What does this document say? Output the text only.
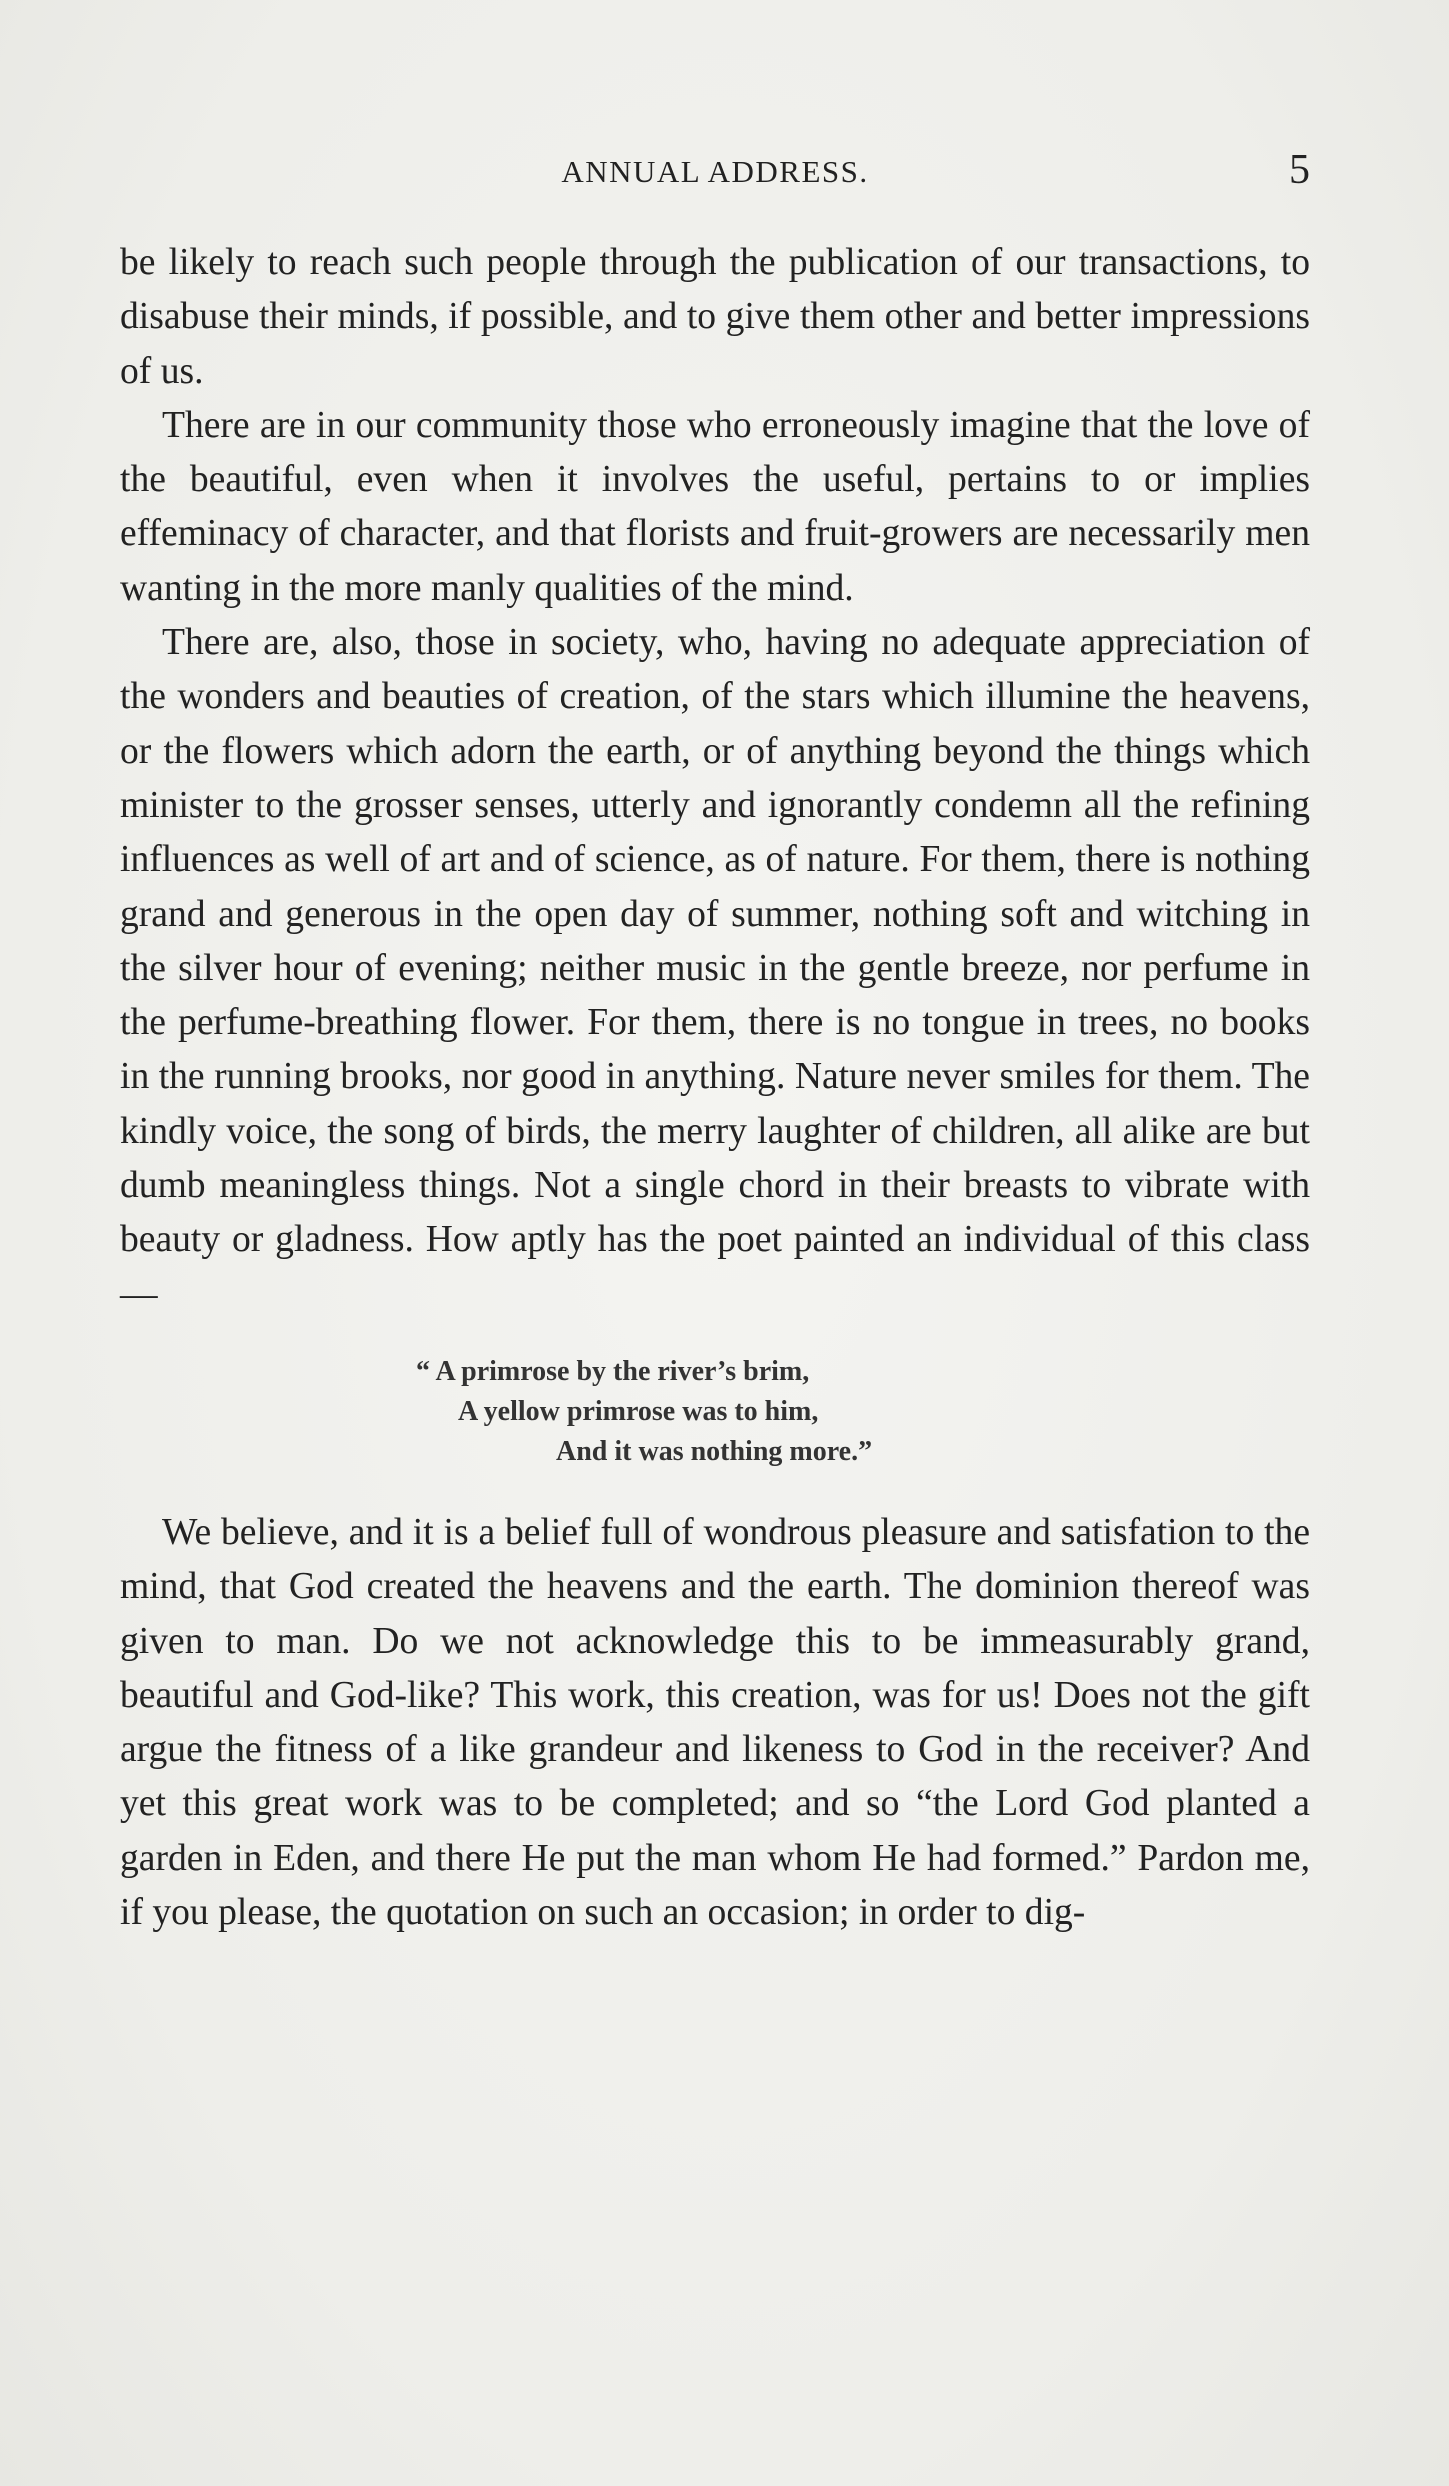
ANNUAL ADDRESS.	5

be likely to reach such people through the publication of our transactions, to disabuse their minds, if possible, and to give them other and better impressions of us.

There are in our community those who erroneously imagine that the love of the beautiful, even when it involves the useful, pertains to or implies effeminacy of character, and that florists and fruit-growers are necessarily men wanting in the more manly qualities of the mind.

There are, also, those in society, who, having no adequate appreciation of the wonders and beauties of creation, of the stars which illumine the heavens, or the flowers which adorn the earth, or of anything beyond the things which minister to the grosser senses, utterly and ignorantly condemn all the refining influences as well of art and of science, as of nature. For them, there is nothing grand and generous in the open day of summer, nothing soft and witching in the silver hour of evening; neither music in the gentle breeze, nor perfume in the perfume-breathing flower. For them, there is no tongue in trees, no books in the running brooks, nor good in anything. Nature never smiles for them. The kindly voice, the song of birds, the merry laughter of children, all alike are but dumb meaningless things. Not a single chord in their breasts to vibrate with beauty or gladness. How aptly has the poet painted an individual of this class—

“ A primrose by the river’s brim,
A yellow primrose was to him,
And it was nothing more.”

We believe, and it is a belief full of wondrous pleasure and satisfation to the mind, that God created the heavens and the earth. The dominion thereof was given to man. Do we not acknowledge this to be immeasurably grand, beautiful and God-like? This work, this creation, was for us! Does not the gift argue the fitness of a like grandeur and likeness to God in the receiver? And yet this great work was to be completed; and so “the Lord God planted a garden in Eden, and there He put the man whom He had formed.” Pardon me, if you please, the quotation on such an occasion; in order to dig-
